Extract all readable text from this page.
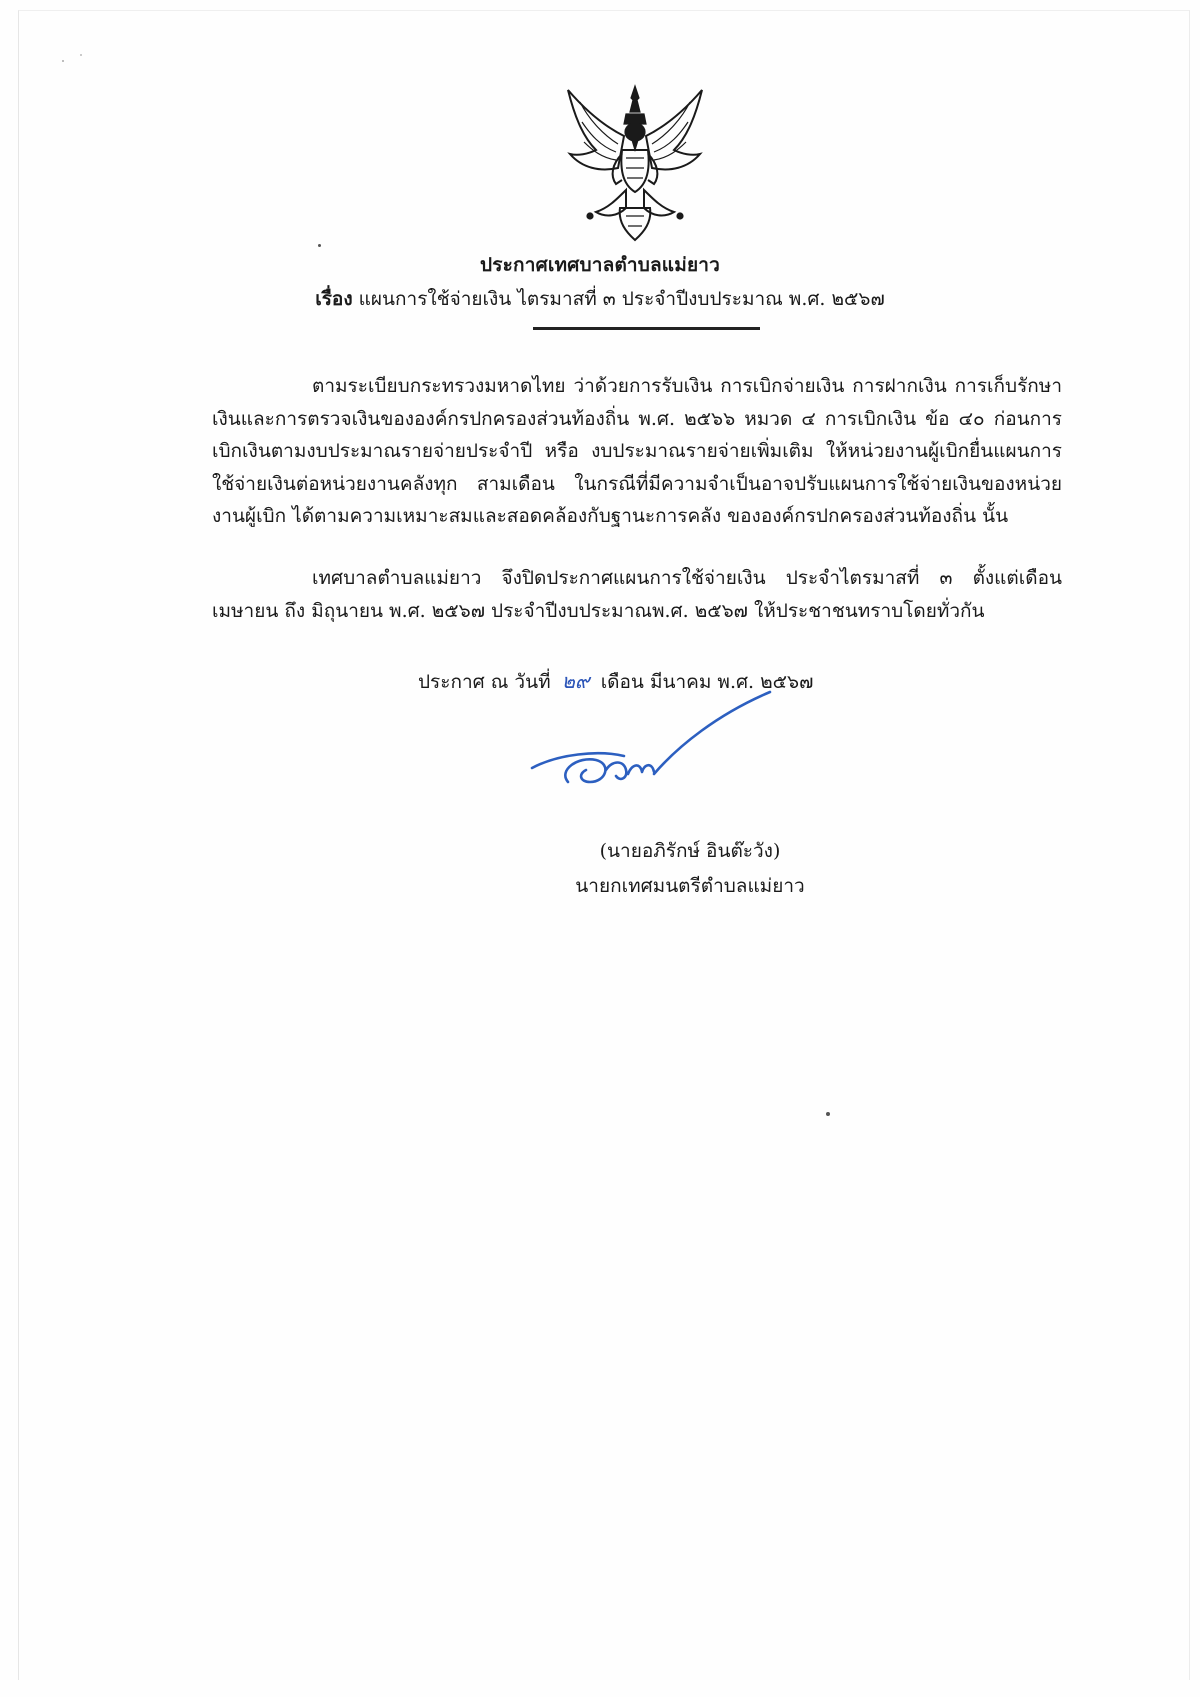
ประกาศเทศบาลตำบลแม่ยาว
เรื่อง แผนการใช้จ่ายเงิน ไตรมาสที่ ๓ ประจำปีงบประมาณ พ.ศ. ๒๕๖๗
ตามระเบียบกระทรวงมหาดไทย ว่าด้วยการรับเงิน การเบิกจ่ายเงิน การฝากเงิน การเก็บรักษาเงินและการตรวจเงินขององค์กรปกครองส่วนท้องถิ่น พ.ศ. ๒๕๖๖ หมวด ๔ การเบิกเงิน ข้อ ๔๐ ก่อนการเบิกเงินตามงบประมาณรายจ่ายประจำปี หรือ งบประมาณรายจ่ายเพิ่มเติม ให้หน่วยงานผู้เบิกยื่นแผนการใช้จ่ายเงินต่อหน่วยงานคลังทุก สามเดือน ในกรณีที่มีความจำเป็นอาจปรับแผนการใช้จ่ายเงินของหน่วยงานผู้เบิก ได้ตามความเหมาะสมและสอดคล้องกับฐานะการคลัง ขององค์กรปกครองส่วนท้องถิ่น นั้น
เทศบาลตำบลแม่ยาว จึงปิดประกาศแผนการใช้จ่ายเงิน ประจำไตรมาสที่ ๓ ตั้งแต่เดือน เมษายน ถึง มิถุนายน พ.ศ. ๒๕๖๗ ประจำปีงบประมาณพ.ศ. ๒๕๖๗ ให้ประชาชนทราบโดยทั่วกัน
ประกาศ ณ วันที่ ๒๙ เดือน มีนาคม พ.ศ. ๒๕๖๗
(นายอภิรักษ์ อินต๊ะวัง)
นายกเทศมนตรีตำบลแม่ยาว
